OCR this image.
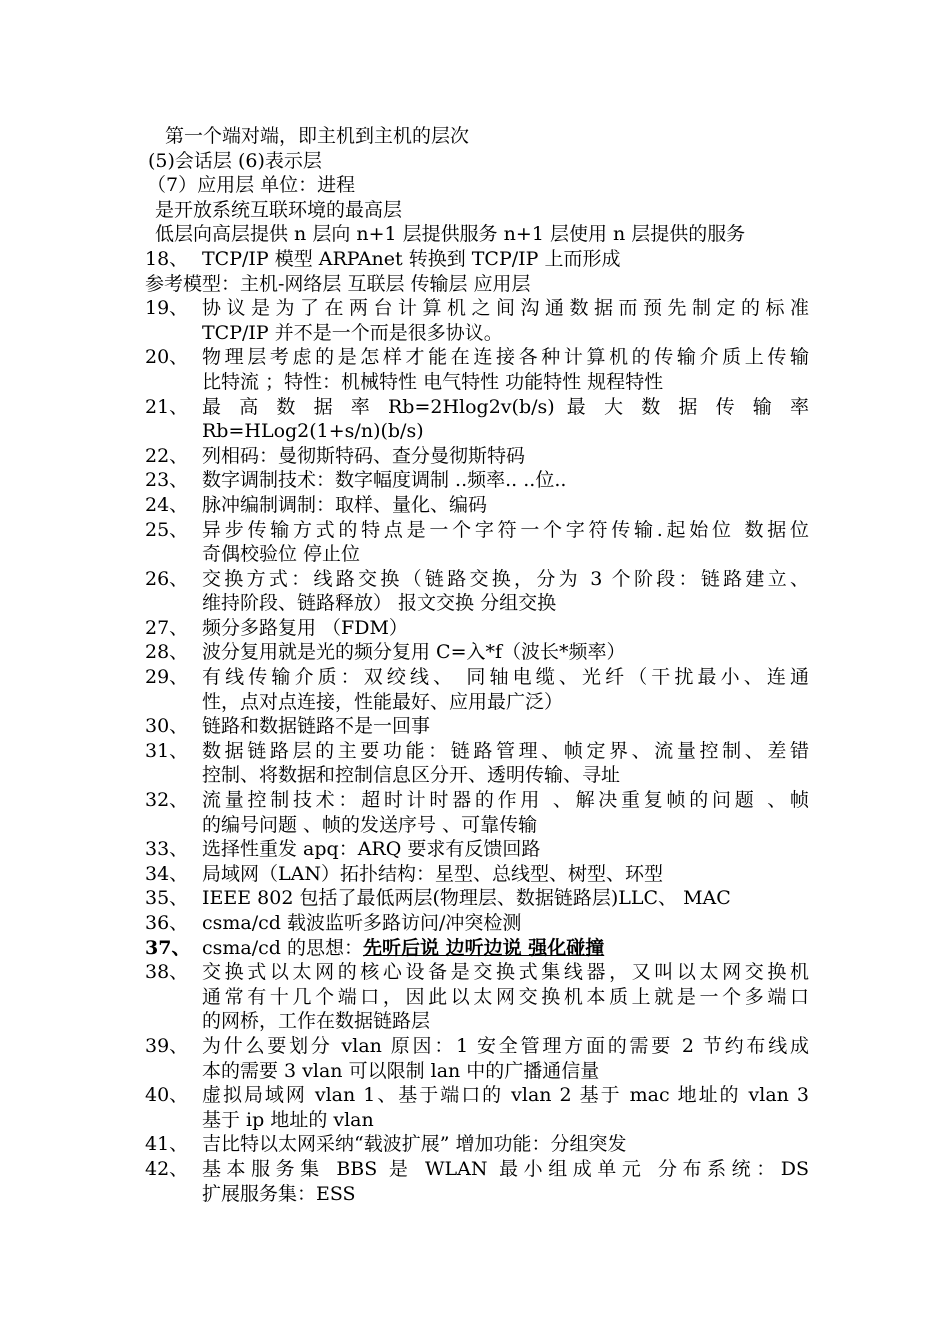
第一个端对端，即主机到主机的层次
(5)会话层 (6)表示层
（7）应用层 单位：进程
是开放系统互联环境的最高层
低层向高层提供 n 层向 n+1 层提供服务 n+1 层使用 n 层提供的服务
18、 TCP/IP 模型 ARPAnet 转换到 TCP/IP 上而形成
参考模型：主机-网络层 互联层 传输层 应用层
19、 协议是为了在两台计算机之间沟通数据而预先制定的标准
TCP/IP 并不是一个而是很多协议。
20、 物理层考虑的是怎样才能在连接各种计算机的传输介质上传输
比特流 ；特性：机械特性 电气特性 功能特性 规程特性
21、 最 高 数 据 率 Rb=2Hlog2v(b/s) 最 大 数 据 传 输 率
Rb=HLog2(1+s/n)(b/s)
22、 列相码：曼彻斯特码、查分曼彻斯特码
23、 数字调制技术：数字幅度调制 ..频率.. ..位..
24、 脉冲编制调制：取样、量化、编码
25、 异步传输方式的特点是一个字符一个字符传输.起始位 数据位
奇偶校验位 停止位
26、 交换方式：线路交换（链路交换，分为 3 个阶段：链路建立、
维持阶段、链路释放） 报文交换 分组交换
27、 频分多路复用 （FDM）
28、 波分复用就是光的频分复用 C=入*f（波长*频率）
29、 有线传输介质：双绞线、 同轴电缆、光纤（干扰最小、连通
性，点对点连接，性能最好、应用最广泛）
30、 链路和数据链路不是一回事
31、 数据链路层的主要功能：链路管理、帧定界、流量控制、差错
控制、将数据和控制信息区分开、透明传输、寻址
32、 流量控制技术：超时计时器的作用 、解决重复帧的问题 、帧
的编号问题 、帧的发送序号 、可靠传输
33、 选择性重发 apq：ARQ 要求有反馈回路
34、 局域网（LAN）拓扑结构：星型、总线型、树型、环型
35、 IEEE 802 包括了最低两层(物理层、数据链路层)LLC、 MAC
36、 csma/cd 载波监听多路访问/冲突检测
37、 csma/cd 的思想：先听后说 边听边说 强化碰撞
38、 交换式以太网的核心设备是交换式集线器，又叫以太网交换机
通常有十几个端口，因此以太网交换机本质上就是一个多端口
的网桥，工作在数据链路层
39、 为什么要划分 vlan 原因：1 安全管理方面的需要 2 节约布线成
本的需要 3 vlan 可以限制 lan 中的广播通信量
40、 虚拟局域网 vlan 1、基于端口的 vlan 2 基于 mac 地址的 vlan 3
基于 ip 地址的 vlan
41、 吉比特以太网采纳“载波扩展” 增加功能：分组突发
42、 基本服务集 BBS 是 WLAN 最小组成单元 分布系统：DS
扩展服务集：ESS
